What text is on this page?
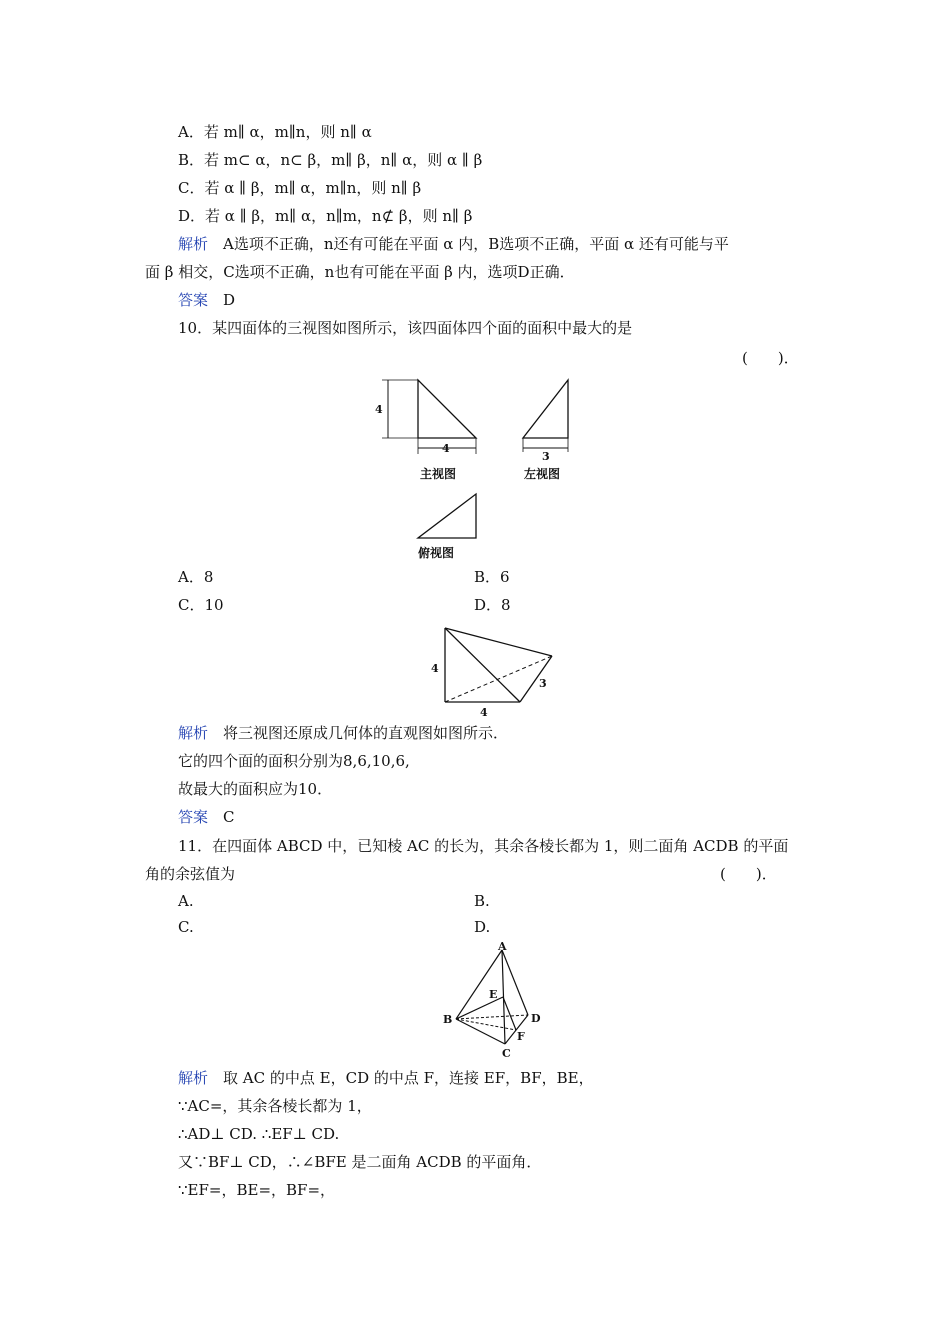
A．若 m∥ α，m∥n，则 n∥ α
B．若 m⊂ α，n⊂ β，m∥ β，n∥ α，则 α ∥ β
C．若 α ∥ β，m∥ α，m∥n，则 n∥ β
D．若 α ∥ β，m∥ α，n∥m，n⊄ β，则 n∥ β
解析　 A选项不正确，n还有可能在平面 α 内，B选项不正确，平面 α 还有可能与平
面 β 相交，C选项不正确，n也有可能在平面 β 内，选项D正确．
答案　 D
10．某四面体的三视图如图所示，该四面体四个面的面积中最大的是
(　　)．
4
4
主视图
3
左视图
俯视图
A．8	B．6
C．10	D．8
4
4
3
解析　 将三视图还原成几何体的直观图如图所示．
它的四个面的面积分别为8,6,10,6,
故最大的面积应为10．
答案　 C
11．在四面体 ABCD 中，已知棱 AC 的长为，其余各棱长都为 1，则二面角 ACDB 的平面
角的余弦值为	(　　)．
A.	B.
C.	D.
A
B
C
D
E
F
解析　 取 AC 的中点 E，CD 的中点 F，连接 EF，BF，BE，
∵AC=，其余各棱长都为 1，
∴AD⊥ CD. ∴EF⊥ CD.
又∵BF⊥ CD，∴∠BFE 是二面角 ACDB 的平面角．
∵EF=，BE=，BF=，
